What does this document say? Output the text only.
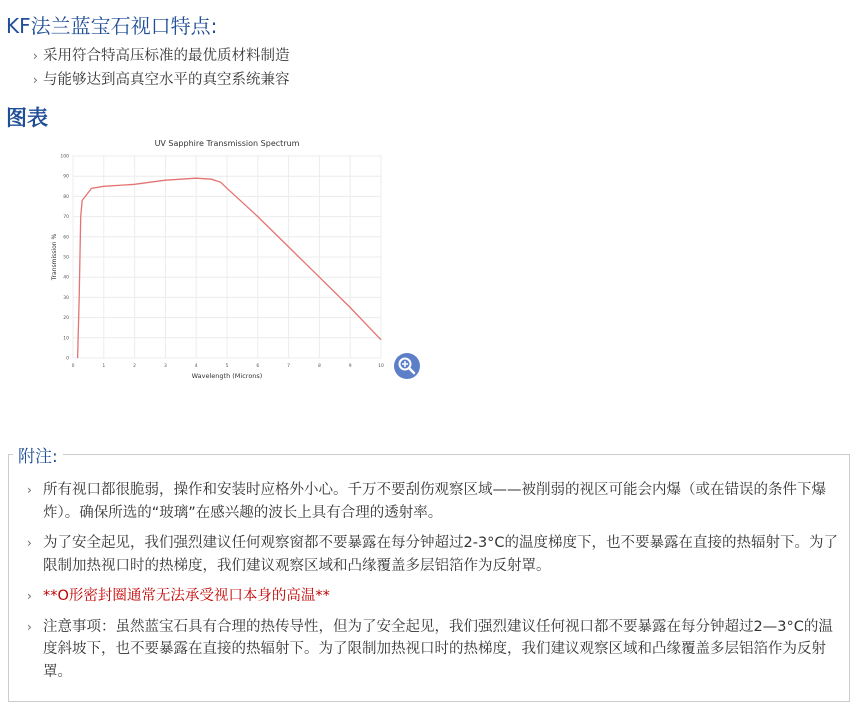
KF法兰蓝宝石视口特点:
› 采用符合特高压标准的最优质材料制造
› 与能够达到高真空水平的真空系统兼容
图表
0	1	2	3	4	5	6	7	8	9	10
0
10
20
30
40
50
60
70
80
90
100
UV Sapphire Transmission Spectrum
Wavelength (Microns)
Transmission %
附注:
› 所有视口都很脆弱，操作和安装时应格外小心。千万不要刮伤观察区域——被削弱的视区可能会内爆（或在错误的条件下爆炸）。确保所选的“玻璃”在感兴趣的波长上具有合理的透射率。
› 为了安全起见，我们强烈建议任何观察窗都不要暴露在每分钟超过2-3°C的温度梯度下，也不要暴露在直接的热辐射下。为了限制加热视口时的热梯度，我们建议观察区域和凸缘覆盖多层铝箔作为反射罩。
› **O形密封圈通常无法承受视口本身的高温**
› 注意事项：虽然蓝宝石具有合理的热传导性，但为了安全起见，我们强烈建议任何视口都不要暴露在每分钟超过2—3°C的温度斜坡下，也不要暴露在直接的热辐射下。为了限制加热视口时的热梯度，我们建议观察区域和凸缘覆盖多层铝箔作为反射罩。
